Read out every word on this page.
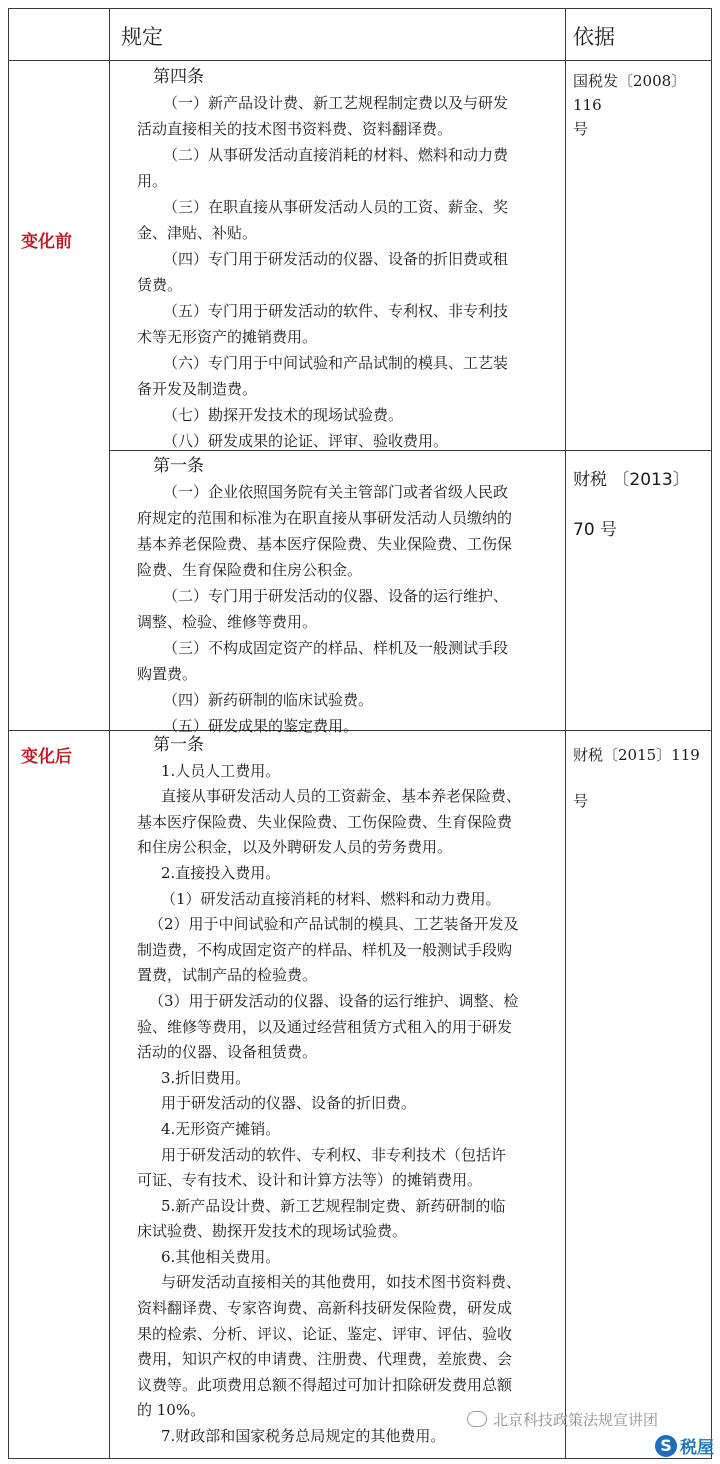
规定	依据
变化前
变化后
第四条
（一）新产品设计费、新工艺规程制定费以及与研发
活动直接相关的技术图书资料费、资料翻译费。
（二）从事研发活动直接消耗的材料、燃料和动力费
用。
（三）在职直接从事研发活动人员的工资、薪金、奖
金、津贴、补贴。
（四）专门用于研发活动的仪器、设备的折旧费或租
赁费。
（五）专门用于研发活动的软件、专利权、非专利技
术等无形资产的摊销费用。
（六）专门用于中间试验和产品试制的模具、工艺装
备开发及制造费。
（七）勘探开发技术的现场试验费。
（八）研发成果的论证、评审、验收费用。
国税发〔2008〕116
号
第一条
（一）企业依照国务院有关主管部门或者省级人民政
府规定的范围和标准为在职直接从事研发活动人员缴纳的
基本养老保险费、基本医疗保险费、失业保险费、工伤保
险费、生育保险费和住房公积金。
（二）专门用于研发活动的仪器、设备的运行维护、
调整、检验、维修等费用。
（三）不构成固定资产的样品、样机及一般测试手段
购置费。
（四）新药研制的临床试验费。
（五）研发成果的鉴定费用。
财税 〔2013〕
70 号
第一条
1.人员人工费用。
直接从事研发活动人员的工资薪金、基本养老保险费、
基本医疗保险费、失业保险费、工伤保险费、生育保险费
和住房公积金，以及外聘研发人员的劳务费用。
2.直接投入费用。
（1）研发活动直接消耗的材料、燃料和动力费用。
（2）用于中间试验和产品试制的模具、工艺装备开发及
制造费，不构成固定资产的样品、样机及一般测试手段购
置费，试制产品的检验费。
（3）用于研发活动的仪器、设备的运行维护、调整、检
验、维修等费用，以及通过经营租赁方式租入的用于研发
活动的仪器、设备租赁费。
3.折旧费用。
用于研发活动的仪器、设备的折旧费。
4.无形资产摊销。
用于研发活动的软件、专利权、非专利技术（包括许
可证、专有技术、设计和计算方法等）的摊销费用。
5.新产品设计费、新工艺规程制定费、新药研制的临
床试验费、勘探开发技术的现场试验费。
6.其他相关费用。
与研发活动直接相关的其他费用，如技术图书资料费、
资料翻译费、专家咨询费、高新科技研发保险费，研发成
果的检索、分析、评议、论证、鉴定、评审、评估、验收
费用，知识产权的申请费、注册费、代理费，差旅费、会
议费等。此项费用总额不得超过可加计扣除研发费用总额
的 10%。
7.财政部和国家税务总局规定的其他费用。
财税〔2015〕119
号
北京科技政策法规宣讲团
S 税屋
